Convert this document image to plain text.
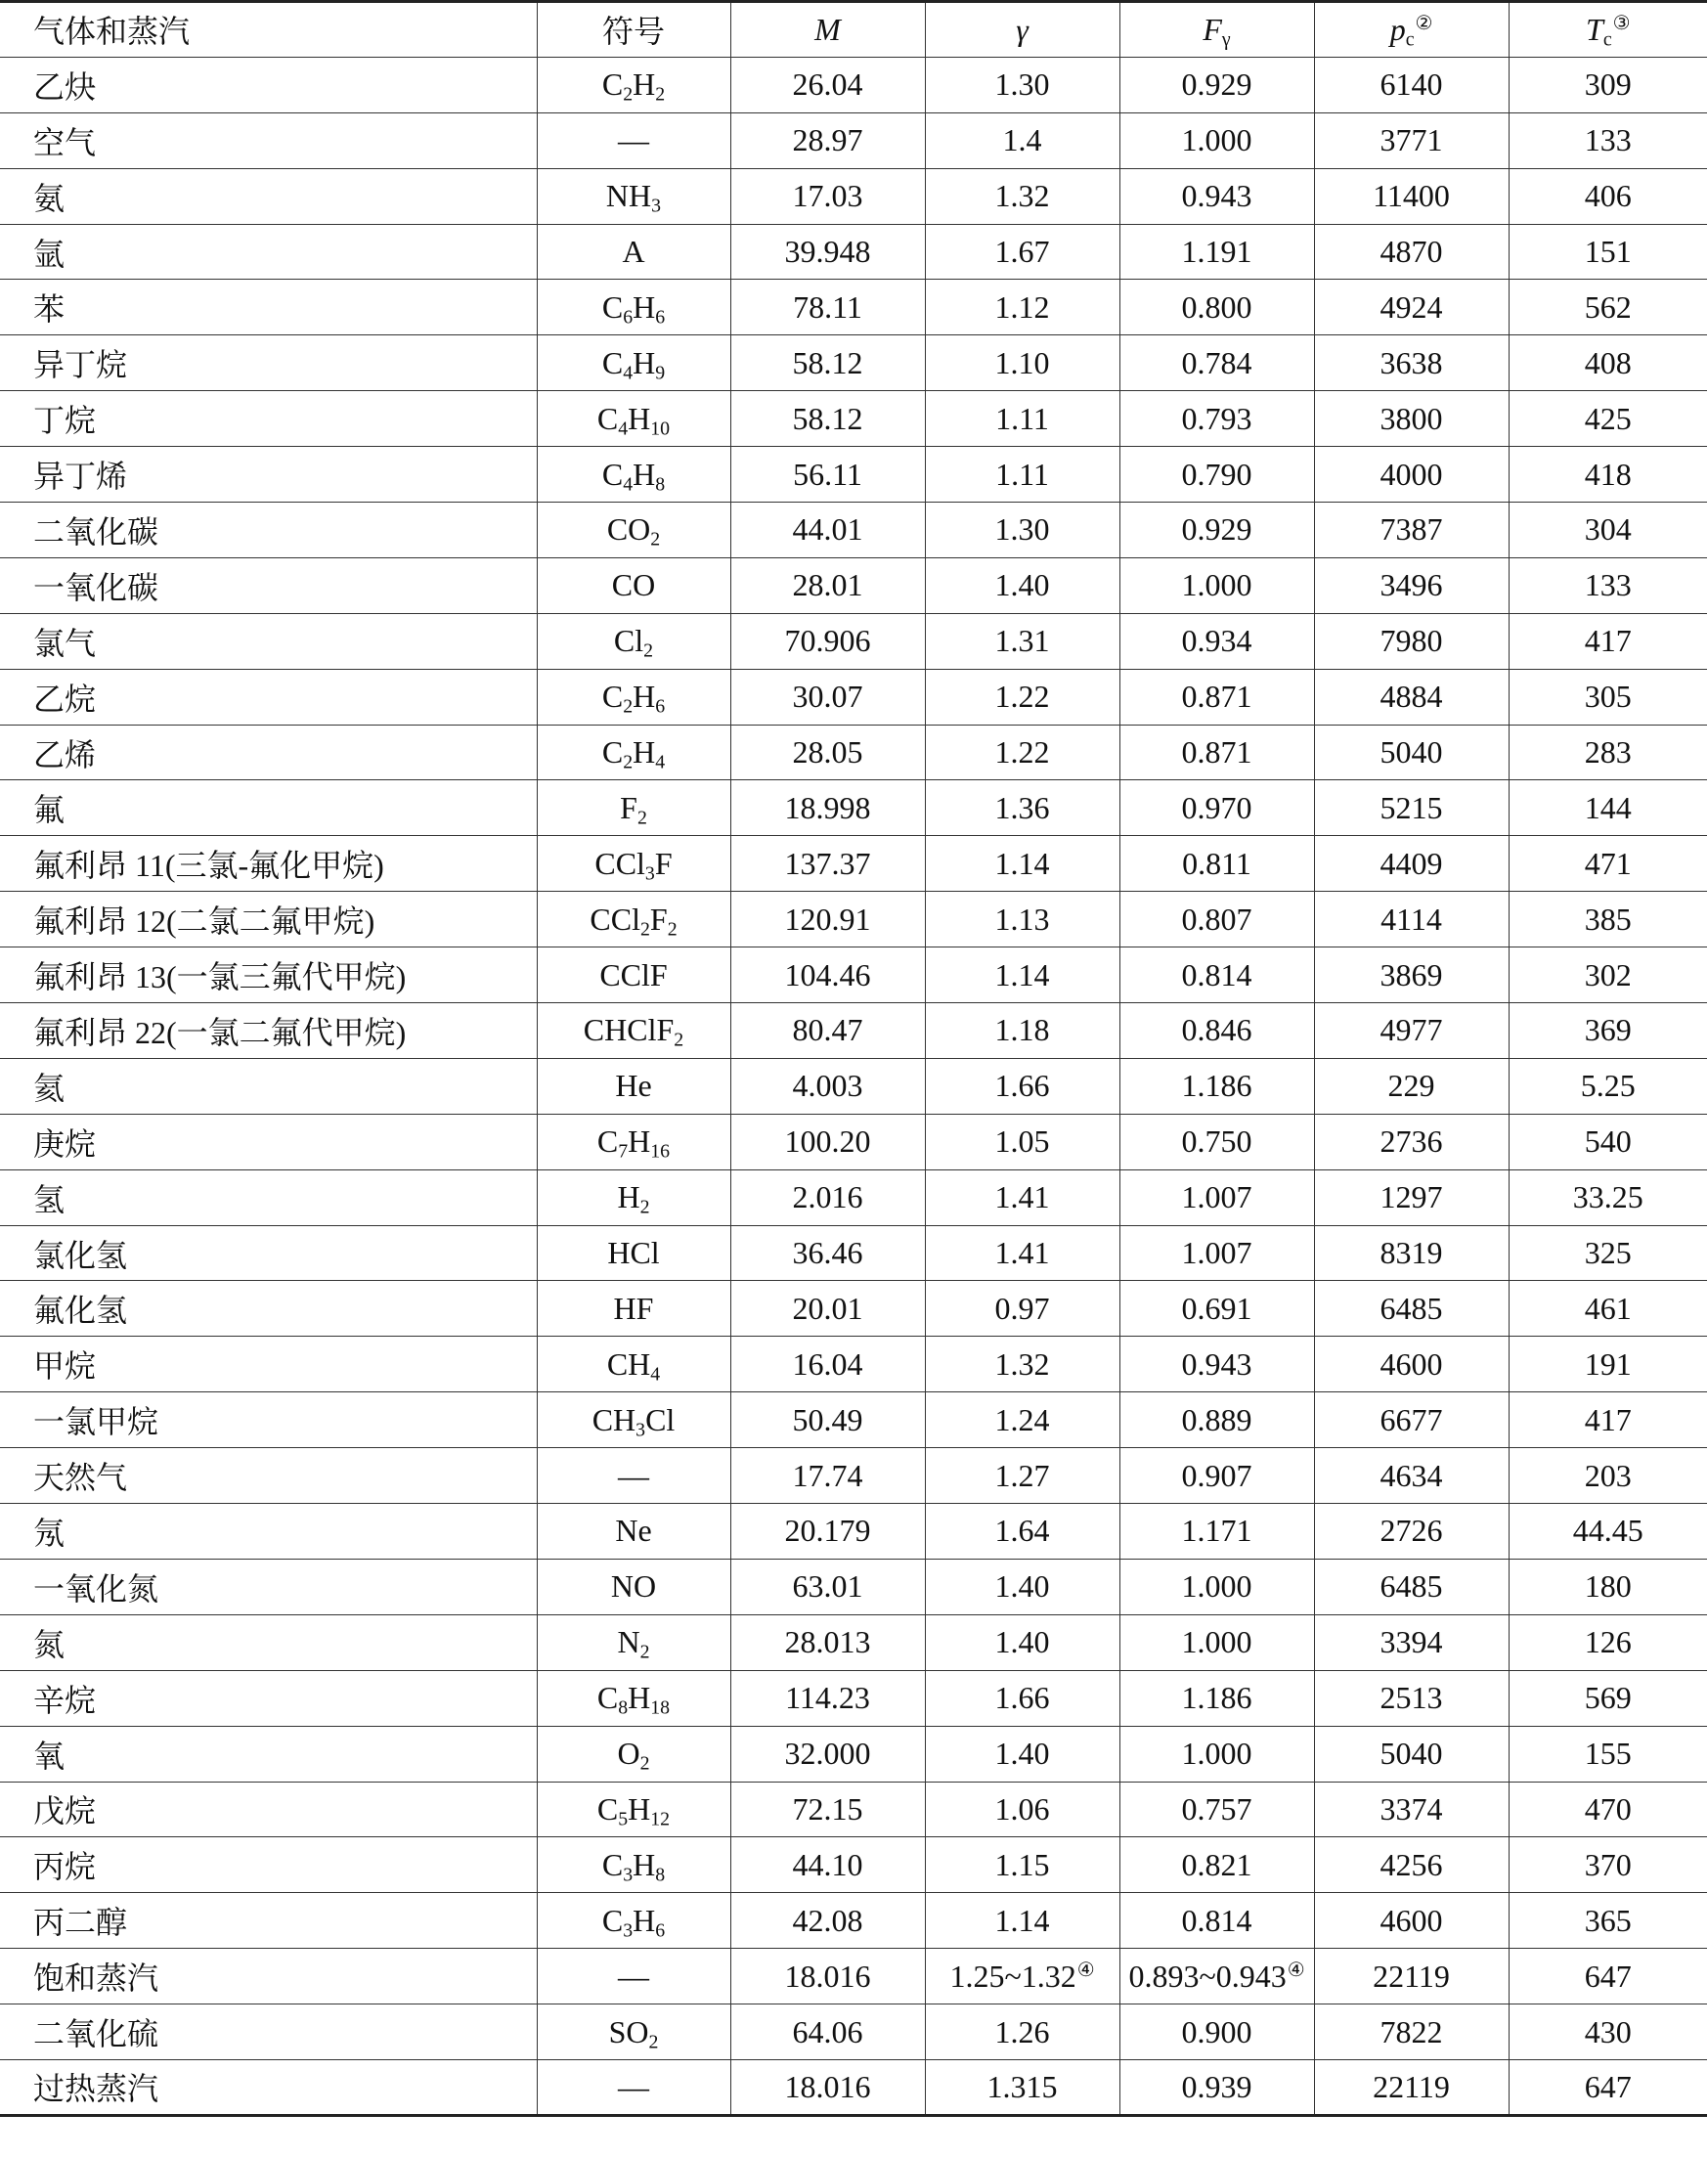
气体和蒸汽	符号	M	γ	$F_\gamma$	$p_c^②$	$T_c^③$
乙炔	$C_2H_2$	26.04	1.30	0.929	6140	309
空气	—	28.97	1.4	1.000	3771	133
氨	$NH_3$	17.03	1.32	0.943	11400	406
氩	A	39.948	1.67	1.191	4870	151
苯	$C_6H_6$	78.11	1.12	0.800	4924	562
异丁烷	$C_4H_9$	58.12	1.10	0.784	3638	408
丁烷	$C_4H_{10}$	58.12	1.11	0.793	3800	425
异丁烯	$C_4H_8$	56.11	1.11	0.790	4000	418
二氧化碳	$CO_2$	44.01	1.30	0.929	7387	304
一氧化碳	CO	28.01	1.40	1.000	3496	133
氯气	$Cl_2$	70.906	1.31	0.934	7980	417
乙烷	$C_2H_6$	30.07	1.22	0.871	4884	305
乙烯	$C_2H_4$	28.05	1.22	0.871	5040	283
氟	$F_2$	18.998	1.36	0.970	5215	144
氟利昂 11(三氯-氟化甲烷)	CCl$_3$F	137.37	1.14	0.811	4409	471
氟利昂 12(二氯二氟甲烷)	$CCl_2F_2$	120.91	1.13	0.807	4114	385
氟利昂 13(一氯三氟代甲烷)	CClF	104.46	1.14	0.814	3869	302
氟利昂 22(一氯二氟代甲烷)	CHClF$_2$	80.47	1.18	0.846	4977	369
氦	He	4.003	1.66	1.186	229	5.25
庚烷	$C_7H_{16}$	100.20	1.05	0.750	2736	540
氢	$H_2$	2.016	1.41	1.007	1297	33.25
氯化氢	HCl	36.46	1.41	1.007	8319	325
氟化氢	HF	20.01	0.97	0.691	6485	461
甲烷	$CH_4$	16.04	1.32	0.943	4600	191
一氯甲烷	$CH_3Cl$	50.49	1.24	0.889	6677	417
天然气	—	17.74	1.27	0.907	4634	203
氖	Ne	20.179	1.64	1.171	2726	44.45
一氧化氮	NO	63.01	1.40	1.000	6485	180
氮	$N_2$	28.013	1.40	1.000	3394	126
辛烷	$C_8H_{18}$	114.23	1.66	1.186	2513	569
氧	$O_2$	32.000	1.40	1.000	5040	155
戊烷	$C_5H_{12}$	72.15	1.06	0.757	3374	470
丙烷	$C_3H_8$	44.10	1.15	0.821	4256	370
丙二醇	$C_3H_6$	42.08	1.14	0.814	4600	365
饱和蒸汽	—	18.016	1.25~1.32④	0.893~0.943④	22119	647
二氧化硫	$SO_2$	64.06	1.26	0.900	7822	430
过热蒸汽	—	18.016	1.315	0.939	22119	647
